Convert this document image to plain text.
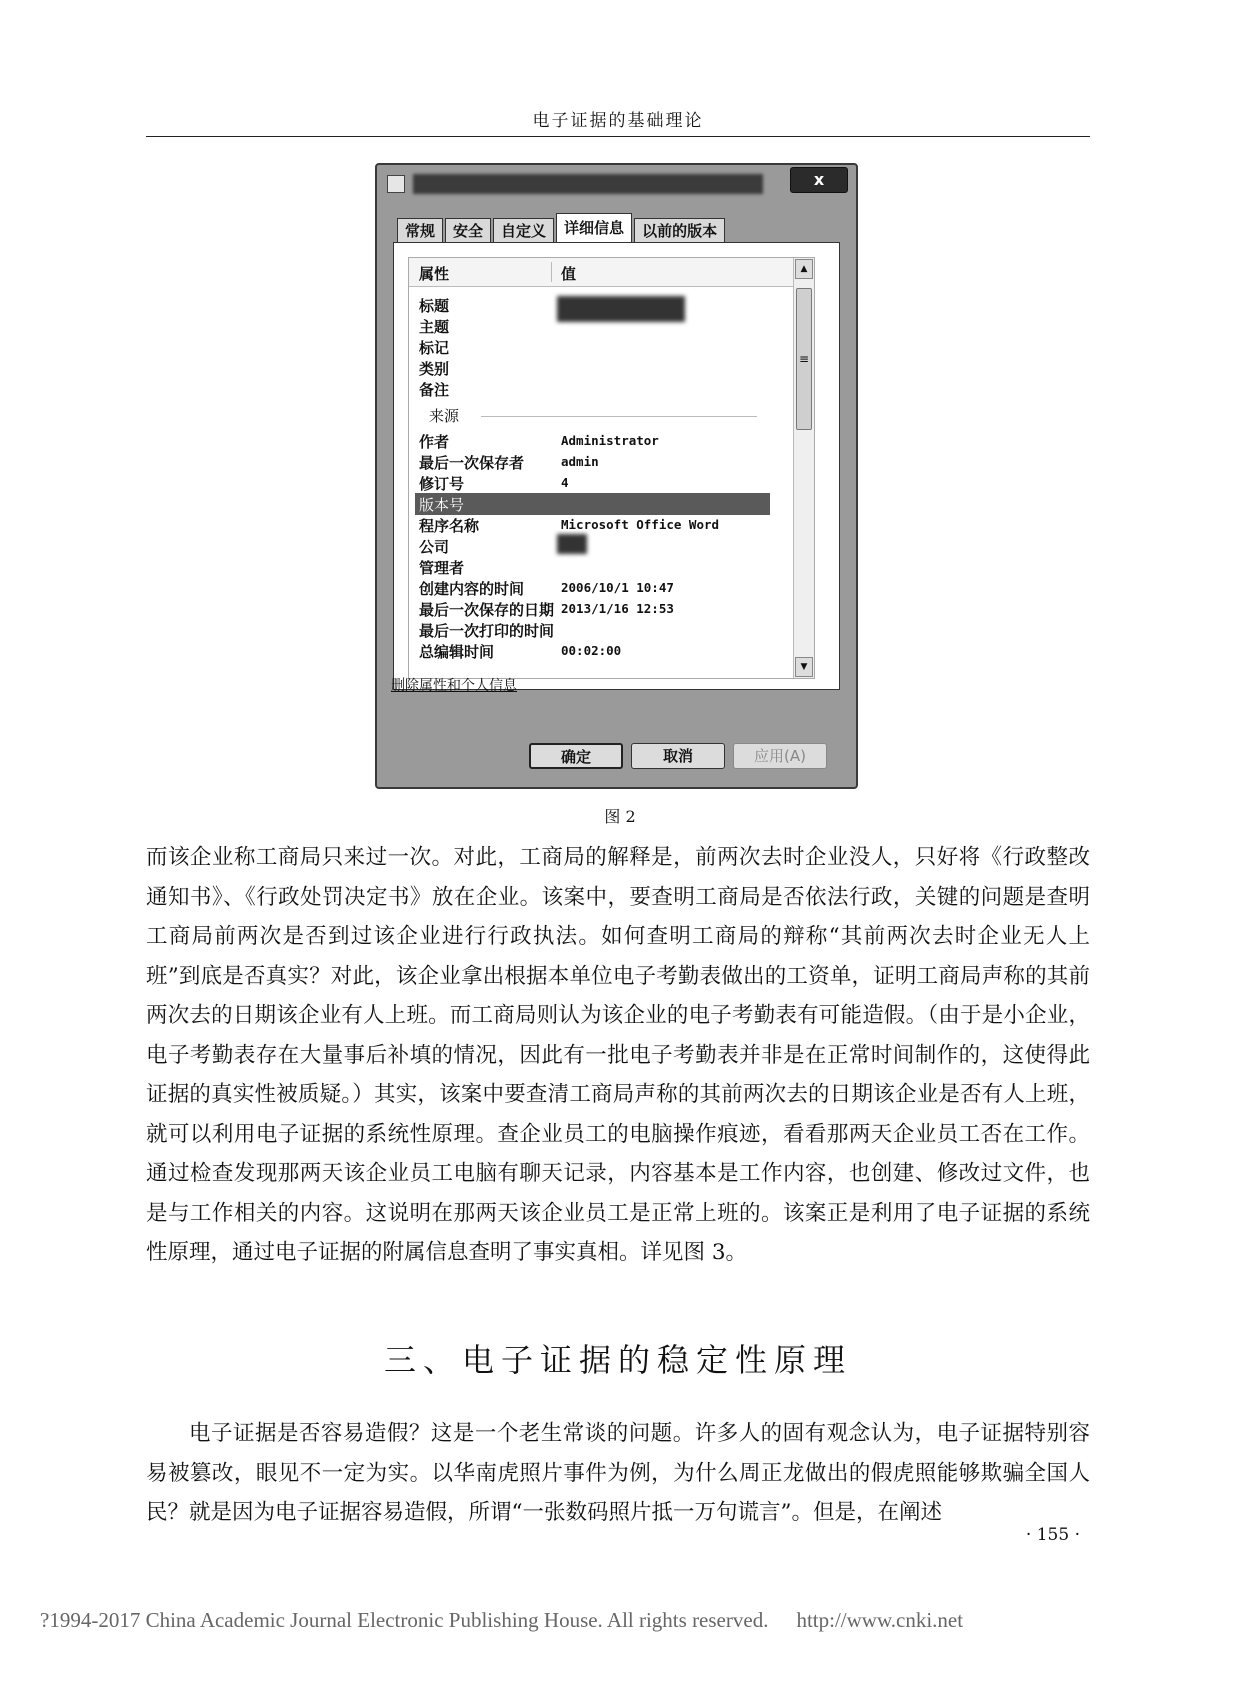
电子证据的基础理论
x
常规	安全	自定义	详细信息	以前的版本
属性	值
标题
主题
标记
类别
备注
来源
作者	Administrator
最后一次保存者	admin
修订号	4
版本号
程序名称	Microsoft Office Word
公司
管理者
创建内容的时间	2006/10/1 10:47
最后一次保存的日期 2013/1/16 12:53
最后一次打印的时间
总编辑时间	00:02:00
▲
≡
▼
删除属性和个人信息
确定	取消	应用(A)
图 2

而该企业称工商局只来过一次。对此，工商局的解释是，前两次去时企业没人，只好将《行政整改通知书》、《行政处罚决定书》放在企业。该案中，要查明工商局是否依法行政，关键的问题是查明工商局前两次是否到过该企业进行行政执法。如何查明工商局的辩称“其前两次去时企业无人上班”到底是否真实？对此，该企业拿出根据本单位电子考勤表做出的工资单，证明工商局声称的其前两次去的日期该企业有人上班。而工商局则认为该企业的电子考勤表有可能造假。（由于是小企业，电子考勤表存在大量事后补填的情况，因此有一批电子考勤表并非是在正常时间制作的，这使得此证据的真实性被质疑。）其实，该案中要查清工商局声称的其前两次去的日期该企业是否有人上班，就可以利用电子证据的系统性原理。查企业员工的电脑操作痕迹，看看那两天企业员工否在工作。通过检查发现那两天该企业员工电脑有聊天记录，内容基本是工作内容，也创建、修改过文件，也是与工作相关的内容。这说明在那两天该企业员工是正常上班的。该案正是利用了电子证据的系统性原理，通过电子证据的附属信息查明了事实真相。详见图 3。

三、电子证据的稳定性原理

电子证据是否容易造假？这是一个老生常谈的问题。许多人的固有观念认为，电子证据特别容易被篡改，眼见不一定为实。以华南虎照片事件为例，为什么周正龙做出的假虎照能够欺骗全国人民？就是因为电子证据容易造假，所谓“一张数码照片抵一万句谎言”。但是，在阐述

· 155 ·
?1994-2017 China Academic Journal Electronic Publishing House. All rights reserved. http://www.cnki.net
